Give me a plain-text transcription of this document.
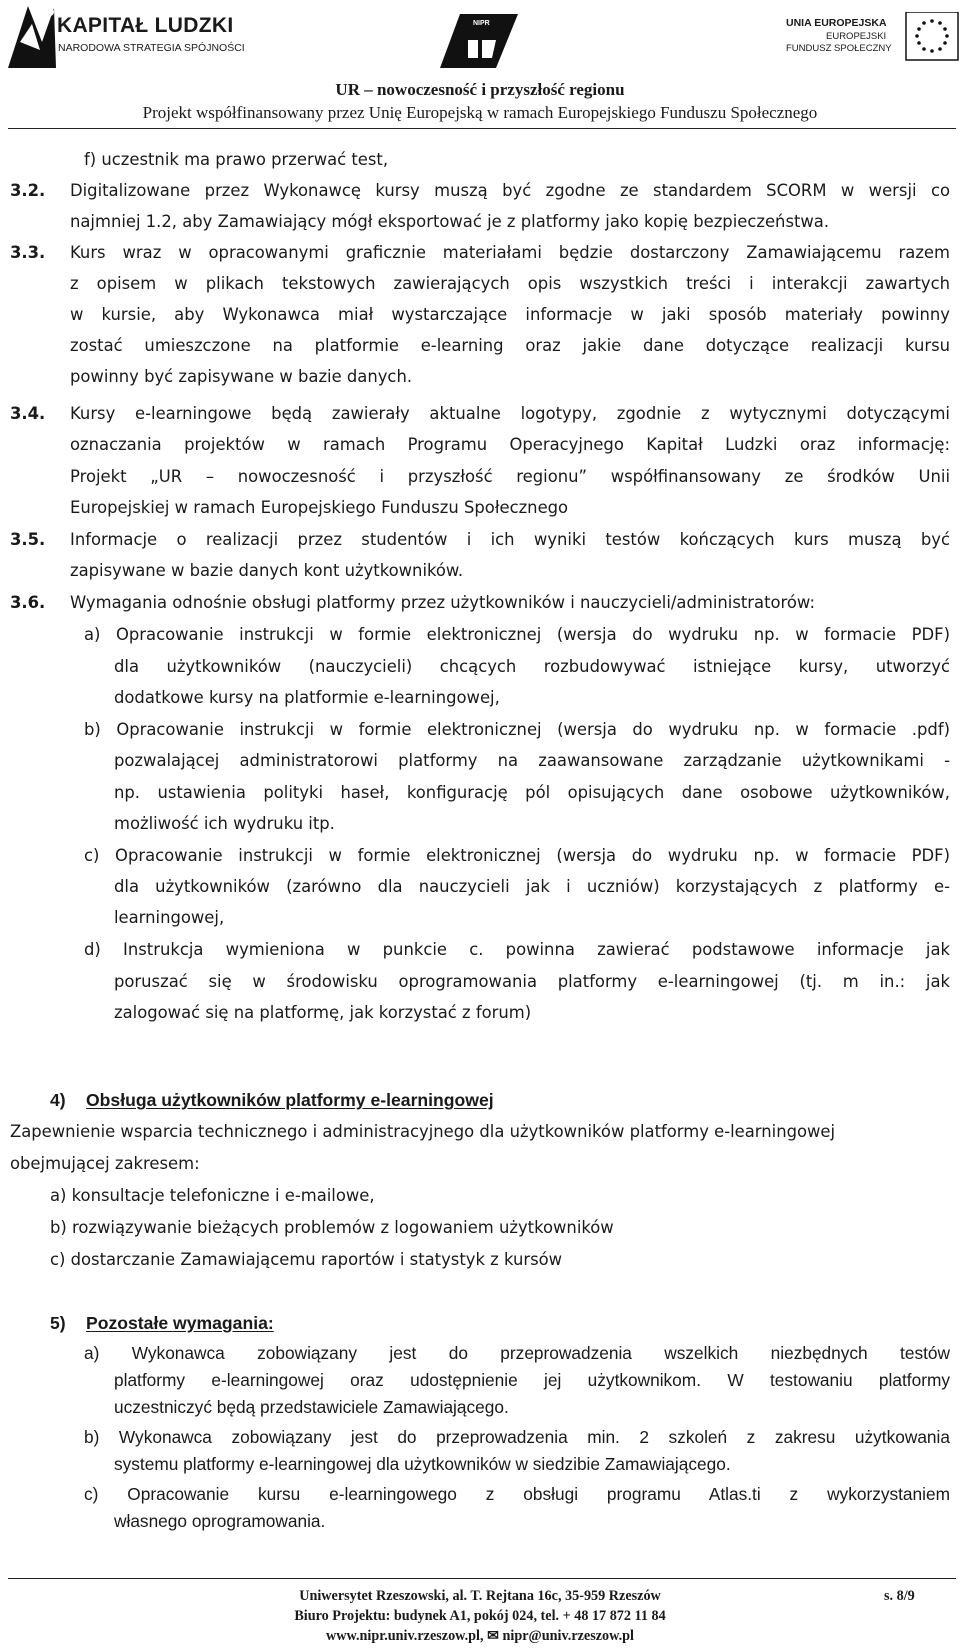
KAPITAŁ LUDZKI
NARODOWA STRATEGIA SPÓJNOŚCI
NIPR	UNIA EUROPEJSKA
EUROPEJSKI
FUNDUSZ SPOŁECZNY
UR – nowoczesność i przyszłość regionu
Projekt współfinansowany przez Unię Europejską w ramach Europejskiego Funduszu Społecznego
f) uczestnik ma prawo przerwać test,
3.2. Digitalizowane przez Wykonawcę kursy muszą być zgodne ze standardem SCORM w wersji co
najmniej 1.2, aby Zamawiający mógł eksportować je z platformy jako kopię bezpieczeństwa.
3.3. Kurs wraz w opracowanymi graficznie materiałami będzie dostarczony Zamawiającemu razem
z opisem w plikach tekstowych zawierających opis wszystkich treści i interakcji zawartych
w kursie, aby Wykonawca miał wystarczające informacje w jaki sposób materiały powinny
zostać umieszczone na platformie e-learning oraz jakie dane dotyczące realizacji kursu
powinny być zapisywane w bazie danych.
3.4. Kursy e-learningowe będą zawierały aktualne logotypy, zgodnie z wytycznymi dotyczącymi
oznaczania projektów w ramach Programu Operacyjnego Kapitał Ludzki oraz informację:
Projekt „UR – nowoczesność i przyszłość regionu” współfinansowany ze środków Unii
Europejskiej w ramach Europejskiego Funduszu Społecznego
3.5. Informacje o realizacji przez studentów i ich wyniki testów kończących kurs muszą być
zapisywane w bazie danych kont użytkowników.
3.6. Wymagania odnośnie obsługi platformy przez użytkowników i nauczycieli/administratorów:
a) Opracowanie instrukcji w formie elektronicznej (wersja do wydruku np. w formacie PDF)
dla użytkowników (nauczycieli) chcących rozbudowywać istniejące kursy, utworzyć
dodatkowe kursy na platformie e-learningowej,
b) Opracowanie instrukcji w formie elektronicznej (wersja do wydruku np. w formacie .pdf)
pozwalającej administratorowi platformy na zaawansowane zarządzanie użytkownikami -
np. ustawienia polityki haseł, konfigurację pól opisujących dane osobowe użytkowników,
możliwość ich wydruku itp.
c) Opracowanie instrukcji w formie elektronicznej (wersja do wydruku np. w formacie PDF)
dla użytkowników (zarówno dla nauczycieli jak i uczniów) korzystających z platformy e-
learningowej,
d) Instrukcja wymieniona w punkcie c. powinna zawierać podstawowe informacje jak
poruszać się w środowisku oprogramowania platformy e-learningowej (tj. m in.: jak
zalogować się na platformę, jak korzystać z forum)
4) Obsługa użytkowników platformy e-learningowej
Zapewnienie wsparcia technicznego i administracyjnego dla użytkowników platformy e-learningowej
obejmującej zakresem:
a) konsultacje telefoniczne i e-mailowe,
b) rozwiązywanie bieżących problemów z logowaniem użytkowników
c) dostarczanie Zamawiającemu raportów i statystyk z kursów
5) Pozostałe wymagania:
a) Wykonawca zobowiązany jest do przeprowadzenia wszelkich niezbędnych testów
platformy e-learningowej oraz udostępnienie jej użytkownikom. W testowaniu platformy
uczestniczyć będą przedstawiciele Zamawiającego.
b) Wykonawca zobowiązany jest do przeprowadzenia min. 2 szkoleń z zakresu użytkowania
systemu platformy e-learningowej dla użytkowników w siedzibie Zamawiającego.
c) Opracowanie kursu e-learningowego z obsługi programu Atlas.ti z wykorzystaniem
własnego oprogramowania.
Uniwersytet Rzeszowski, al. T. Rejtana 16c, 35-959 Rzeszów
Biuro Projektu: budynek A1, pokój 024, tel. + 48 17 872 11 84
www.nipr.univ.rzeszow.pl, ✉ nipr@univ.rzeszow.pl
s. 8/9
